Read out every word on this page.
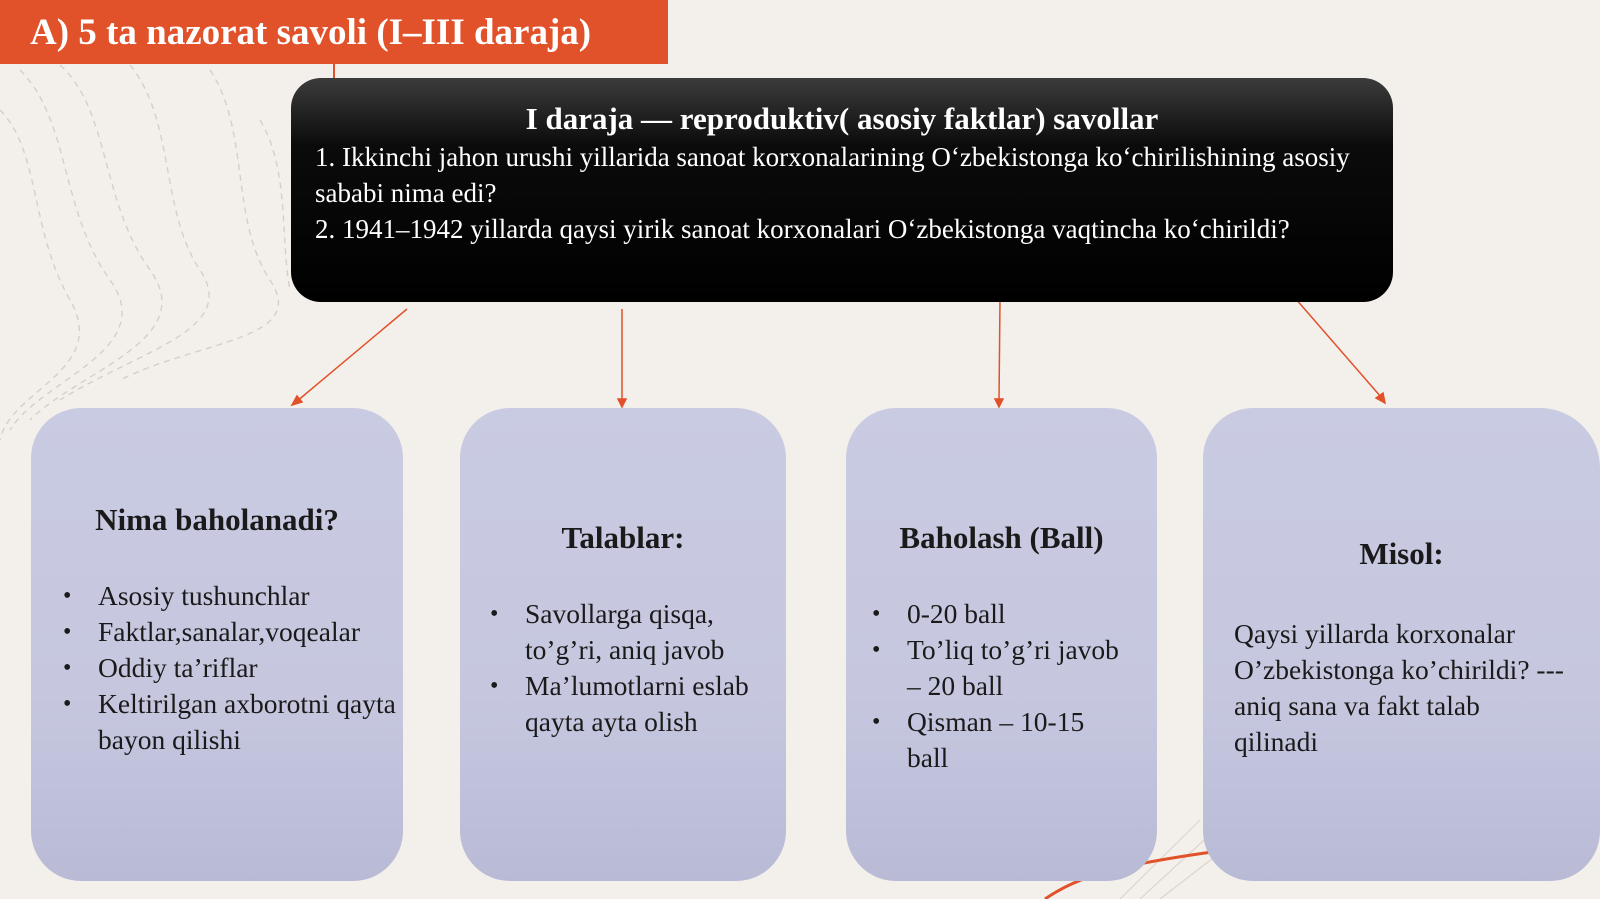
A) 5 ta nazorat savoli (I–III daraja)
I daraja — reproduktiv( asosiy faktlar) savollar
1. Ikkinchi jahon urushi yillarida sanoat korxonalarining O‘zbekistonga ko‘chirilishining asosiy sababi nima edi?
2. 1941–1942 yillarda qaysi yirik sanoat korxonalari O‘zbekistonga vaqtincha ko‘chirildi?
Nima baholanadi?
• Asosiy tushunchlar
• Faktlar,sanalar,voqealar
• Oddiy ta’riflar
• Keltirilgan axborotni qayta bayon qilishi
Talablar:
• Savollarga qisqa, to’g’ri, aniq javob
• Ma’lumotlarni eslab qayta ayta olish
Baholash (Ball)
• 0-20 ball
• To’liq to’g’ri javob – 20 ball
• Qisman – 10-15 ball
Misol:
Qaysi yillarda korxonalar O’zbekistonga ko’chirildi? --- aniq sana va fakt talab qilinadi
